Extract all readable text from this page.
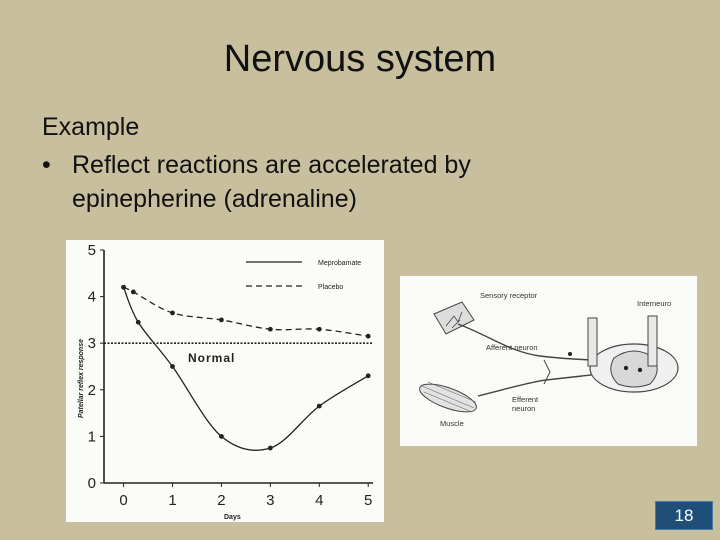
Nervous system

Example

• Reflect reactions are accelerated by epinepherine (adrenaline)
0
1
2
3
4
5
0	1	2	3	4	5
Meprobamate
Placebo
Normal
Days
Patellar reflex response
Sensory receptor
Interneuro
Afferent neuron
Efferent
neuron
Muscle
18
